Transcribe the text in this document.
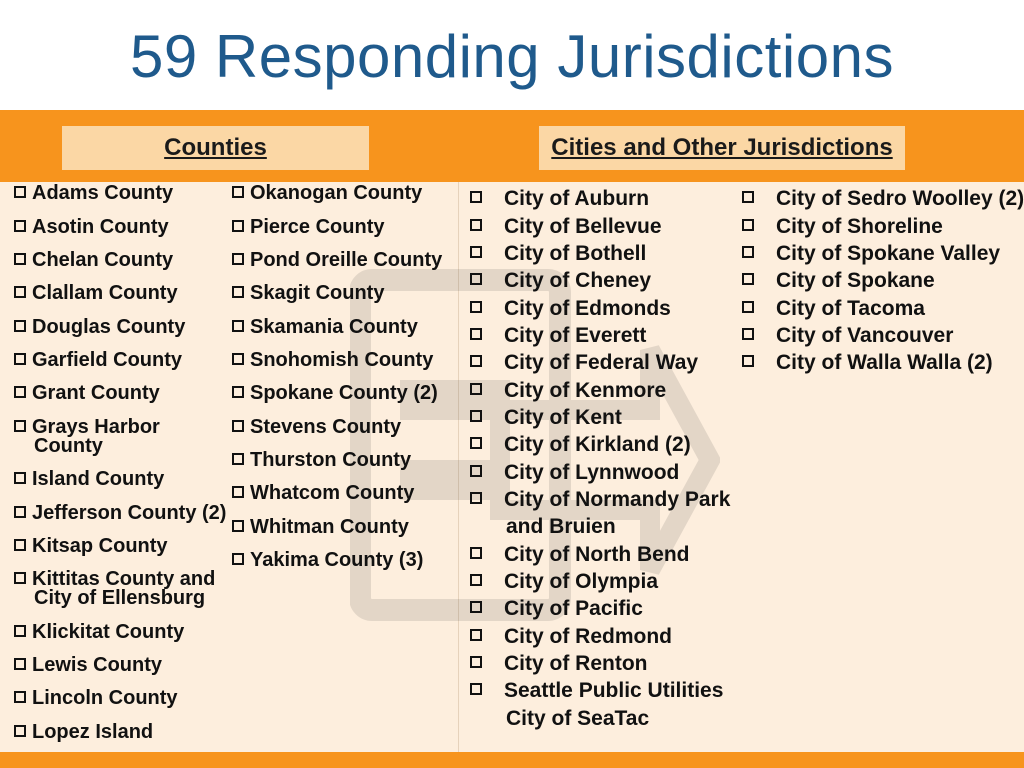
59 Responding Jurisdictions
Counties	Cities and Other Jurisdictions
Adams County
Asotin County
Chelan County
Clallam County
Douglas County
Garfield County
Grant County
Grays Harbor
County
Island County
Jefferson County (2)
Kitsap County
Kittitas County and
City of Ellensburg
Klickitat County
Lewis County
Lincoln County
Lopez Island
Okanogan County
Pierce County
Pond Oreille County
Skagit County
Skamania County
Snohomish County
Spokane County (2)
Stevens County
Thurston County
Whatcom County
Whitman County
Yakima County (3)
City of Auburn
City of Bellevue
City of Bothell
City of Cheney
City of Edmonds
City of Everett
City of Federal Way
City of Kenmore
City of Kent
City of Kirkland (2)
City of Lynnwood
City of Normandy Park
and Bruien
City of North Bend
City of Olympia
City of Pacific
City of Redmond
City of Renton
Seattle Public Utilities
City of SeaTac
City of Sedro Woolley (2)
City of Shoreline
City of Spokane Valley
City of Spokane
City of Tacoma
City of Vancouver
City of Walla Walla (2)
